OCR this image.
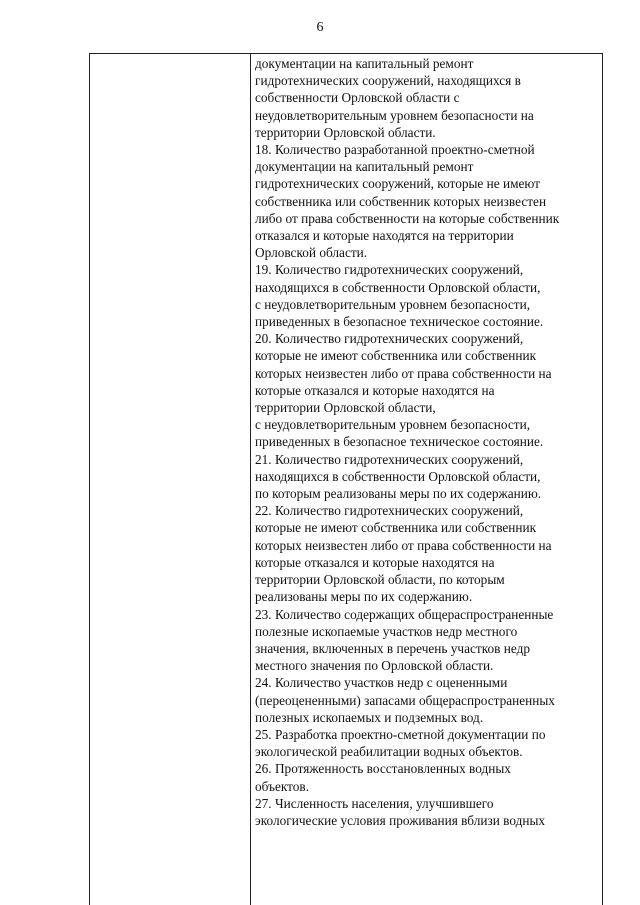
6
документации на капитальный ремонт
гидротехнических сооружений, находящихся в
собственности Орловской области с
неудовлетворительным уровнем безопасности на
территории Орловской области.
18. Количество разработанной проектно-сметной
документации на капитальный ремонт
гидротехнических сооружений, которые не имеют
собственника или собственник которых неизвестен
либо от права собственности на которые собственник
отказался и которые находятся на территории
Орловской области.
19. Количество гидротехнических сооружений,
находящихся в собственности Орловской области,
с неудовлетворительным уровнем безопасности,
приведенных в безопасное техническое состояние.
20. Количество гидротехнических сооружений,
которые не имеют собственника или собственник
которых неизвестен либо от права собственности на
которые отказался и которые находятся на
территории Орловской области,
с неудовлетворительным уровнем безопасности,
приведенных в безопасное техническое состояние.
21. Количество гидротехнических сооружений,
находящихся в собственности Орловской области,
по которым реализованы меры по их содержанию.
22. Количество гидротехнических сооружений,
которые не имеют собственника или собственник
которых неизвестен либо от права собственности на
которые отказался и которые находятся на
территории Орловской области, по которым
реализованы меры по их содержанию.
23. Количество содержащих общераспространенные
полезные ископаемые участков недр местного
значения, включенных в перечень участков недр
местного значения по Орловской области.
24. Количество участков недр с оцененными
(переоцененными) запасами общераспространенных
полезных ископаемых и подземных вод.
25. Разработка проектно-сметной документации по
экологической реабилитации водных объектов.
26. Протяженность восстановленных водных
объектов.
27. Численность населения, улучшившего
экологические условия проживания вблизи водных
